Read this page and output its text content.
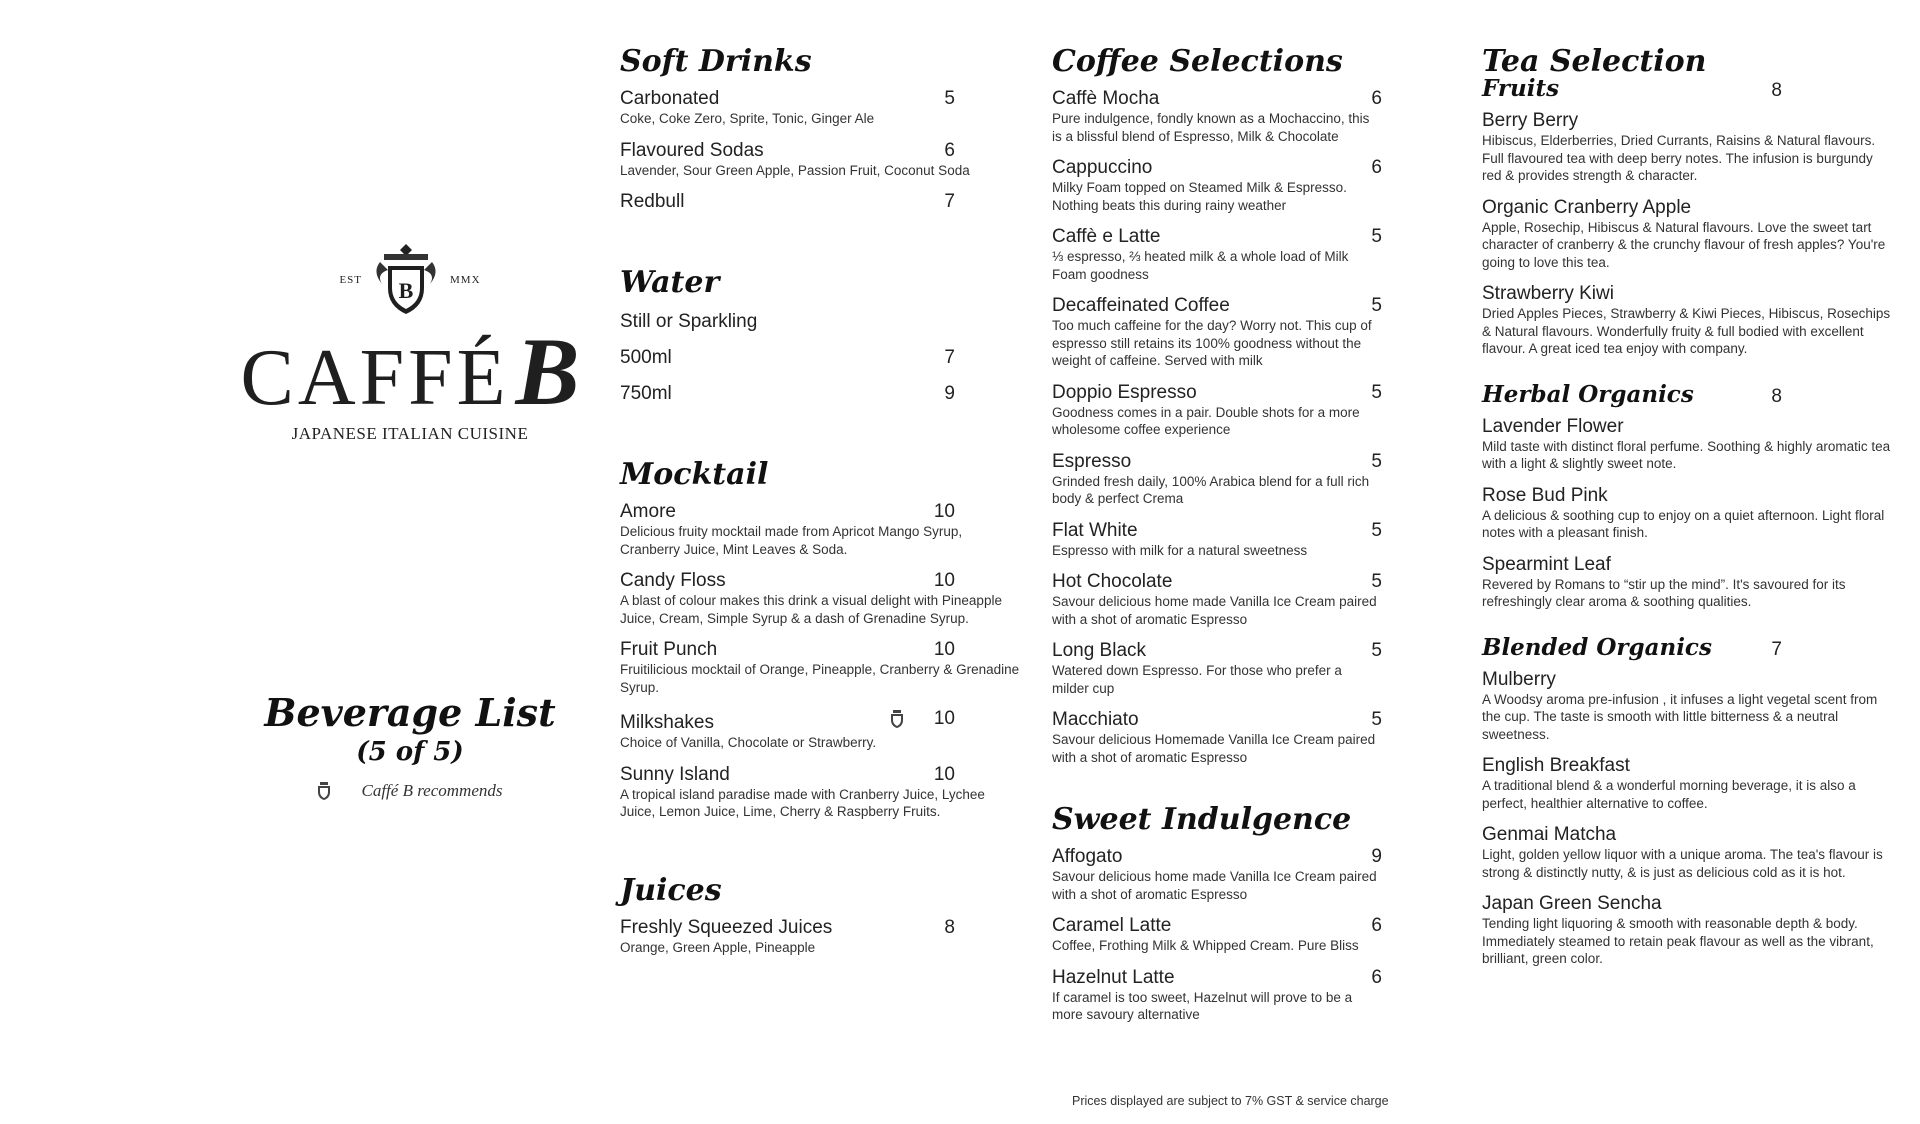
EST B	MMX
CAFFÉB
JAPANESE ITALIAN CUISINE
Beverage List
(5 of 5)
Caffé B recommends
Soft Drinks
Carbonated	5
Coke, Coke Zero, Sprite, Tonic, Ginger Ale
Flavoured Sodas	6
Lavender, Sour Green Apple, Passion Fruit, Coconut Soda
Redbull	7
Water
Still or Sparkling
500ml	7
750ml	9
Mocktail
Amore	10
Delicious fruity mocktail made from Apricot Mango Syrup, Cranberry Juice, Mint Leaves & Soda.
Candy Floss	10
A blast of colour makes this drink a visual delight with Pineapple Juice, Cream, Simple Syrup & a dash of Grenadine Syrup.
Fruit Punch	10
Fruitilicious mocktail of Orange, Pineapple, Cranberry & Grenadine Syrup.
Milkshakes	10
Choice of Vanilla, Chocolate or Strawberry.
Sunny Island	10
A tropical island paradise made with Cranberry Juice, Lychee Juice, Lemon Juice, Lime, Cherry & Raspberry Fruits.
Juices
Freshly Squeezed Juices	8
Orange, Green Apple, Pineapple
Coffee Selections
Caffè Mocha	6
Pure indulgence, fondly known as a Mochaccino, this is a blissful blend of Espresso, Milk & Chocolate
Cappuccino	6
Milky Foam topped on Steamed Milk & Espresso. Nothing beats this during rainy weather
Caffè e Latte	5
⅓ espresso, ⅔ heated milk & a whole load of Milk Foam goodness
Decaffeinated Coffee	5
Too much caffeine for the day? Worry not. This cup of espresso still retains its 100% goodness without the weight of caffeine. Served with milk
Doppio Espresso	5
Goodness comes in a pair. Double shots for a more wholesome coffee experience
Espresso	5
Grinded fresh daily, 100% Arabica blend for a full rich body & perfect Crema
Flat White	5
Espresso with milk for a natural sweetness
Hot Chocolate	5
Savour delicious home made Vanilla Ice Cream paired with a shot of aromatic Espresso
Long Black	5
Watered down Espresso. For those who prefer a milder cup
Macchiato	5
Savour delicious Homemade Vanilla Ice Cream paired with a shot of aromatic Espresso
Sweet Indulgence
Affogato	9
Savour delicious home made Vanilla Ice Cream paired with a shot of aromatic Espresso
Caramel Latte	6
Coffee, Frothing Milk & Whipped Cream. Pure Bliss
Hazelnut Latte	6
If caramel is too sweet, Hazelnut will prove to be a more savoury alternative
Tea Selection
Fruits	8
Berry Berry
Hibiscus, Elderberries, Dried Currants, Raisins & Natural flavours. Full flavoured tea with deep berry notes. The infusion is burgundy red & provides strength & character.
Organic Cranberry Apple
Apple, Rosechip, Hibiscus & Natural flavours. Love the sweet tart character of cranberry & the crunchy flavour of fresh apples? You're going to love this tea.
Strawberry Kiwi
Dried Apples Pieces, Strawberry & Kiwi Pieces, Hibiscus, Rosechips & Natural flavours. Wonderfully fruity & full bodied with excellent flavour. A great iced tea enjoy with company.
Herbal Organics	8
Lavender Flower
Mild taste with distinct floral perfume. Soothing & highly aromatic tea with a light & slightly sweet note.
Rose Bud Pink
A delicious & soothing cup to enjoy on a quiet afternoon. Light floral notes with a pleasant finish.
Spearmint Leaf
Revered by Romans to “stir up the mind”. It's savoured for its refreshingly clear aroma & soothing qualities.
Blended Organics	7
Mulberry
A Woodsy aroma pre-infusion , it infuses a light vegetal scent from the cup. The taste is smooth with little bitterness & a neutral sweetness.
English Breakfast
A traditional blend & a wonderful morning beverage, it is also a perfect, healthier alternative to coffee.
Genmai Matcha
Light, golden yellow liquor with a unique aroma. The tea's flavour is strong & distinctly nutty, & is just as delicious cold as it is hot.
Japan Green Sencha
Tending light liquoring & smooth with reasonable depth & body. Immediately steamed to retain peak flavour as well as the vibrant, brilliant, green color.
Prices displayed are subject to 7% GST & service charge
